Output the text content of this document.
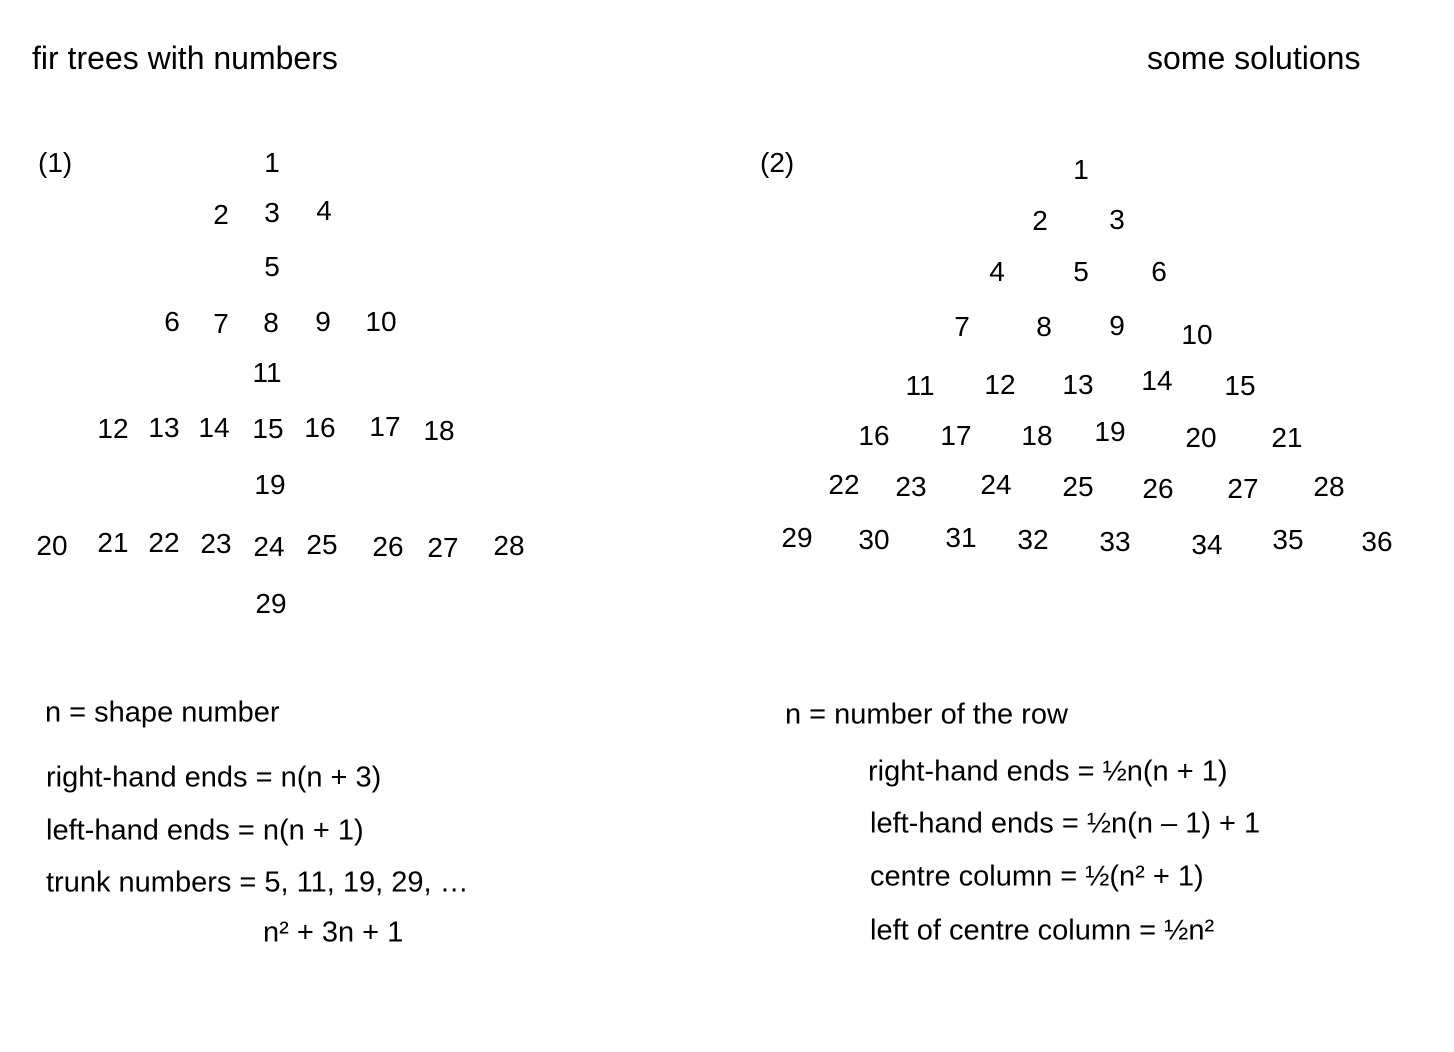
fir trees with numbers	some solutions
(1)	(2)
1
2 3 4
5
6 7 8 9 10
11
12 13 14 15 16 17 18
19
20 21 22 23 24 25 26 27 28
29
1
2 3
4 5 6
7 8 9 10
11 12 13 14 15
16 17 18 19 20 21
22 23 24 25 26 27 28
29 30 31 32 33 34 35 36
n = shape number
right-hand ends = n(n + 3)
left-hand ends = n(n + 1)
trunk numbers = 5, 11, 19, 29, …
n² + 3n + 1
n = number of the row
right-hand ends = ½n(n + 1)
left-hand ends = ½n(n – 1) + 1
centre column = ½(n² + 1)
left of centre column = ½n²
